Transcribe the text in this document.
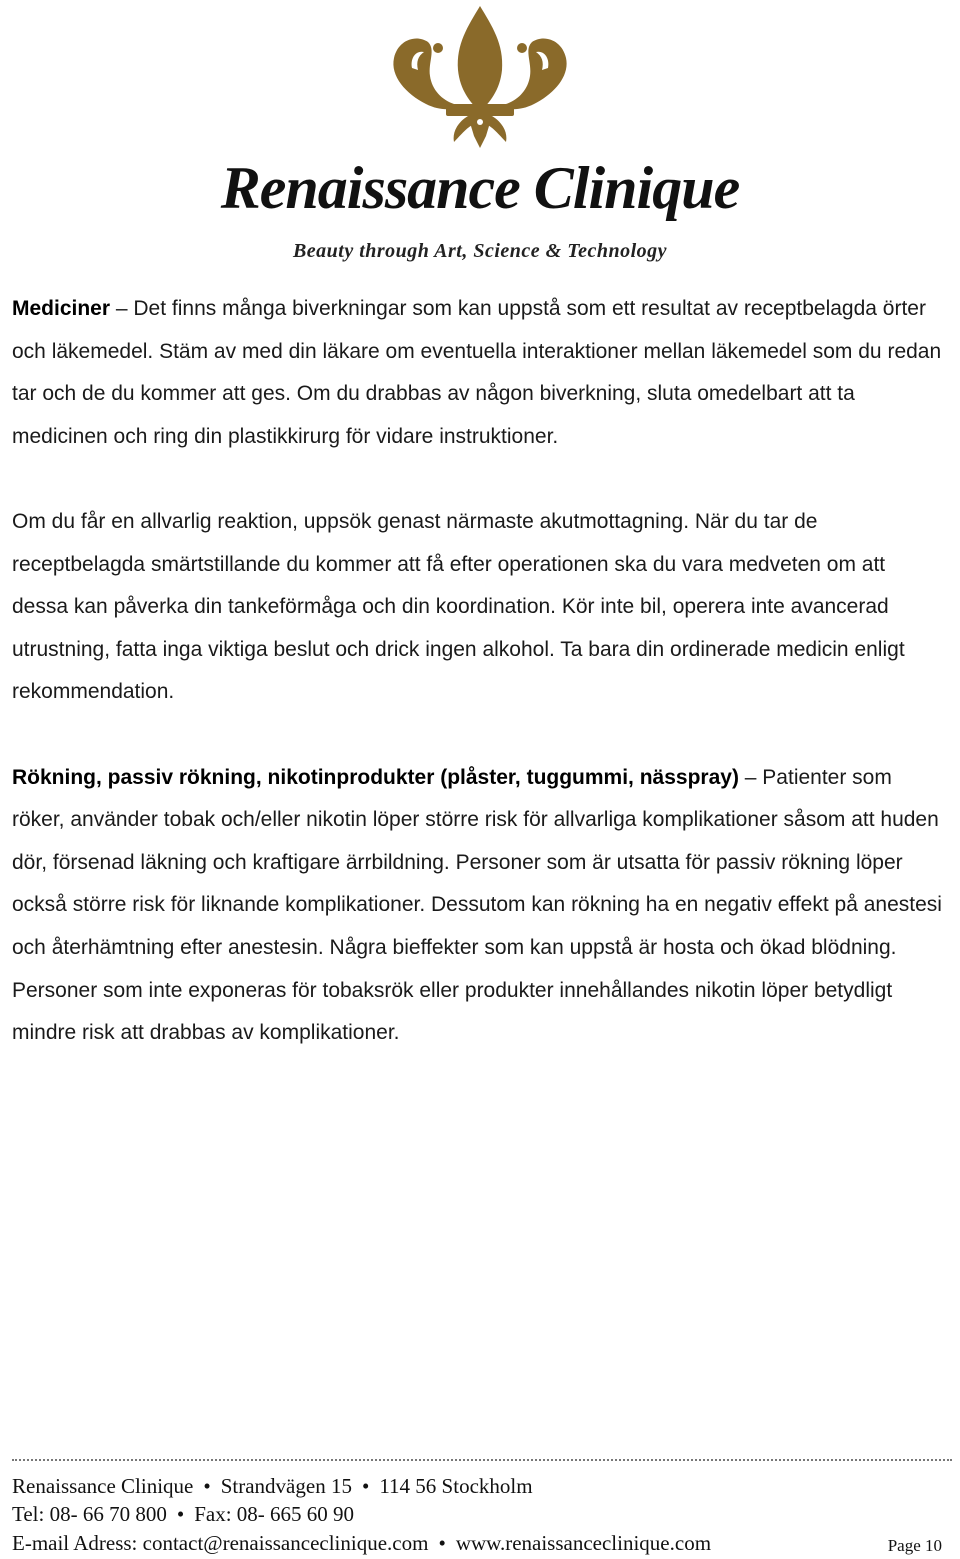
Renaissance Clinique
Beauty through Art, Science & Technology

Mediciner – Det finns många biverkningar som kan uppstå som ett resultat av receptbelagda örter och läkemedel. Stäm av med din läkare om eventuella interaktioner mellan läkemedel som du redan tar och de du kommer att ges. Om du drabbas av någon biverkning, sluta omedelbart att ta medicinen och ring din plastikkirurg för vidare instruktioner.

Om du får en allvarlig reaktion, uppsök genast närmaste akutmottagning. När du tar de receptbelagda smärtstillande du kommer att få efter operationen ska du vara medveten om att dessa kan påverka din tankeförmåga och din koordination. Kör inte bil, operera inte avancerad utrustning, fatta inga viktiga beslut och drick ingen alkohol. Ta bara din ordinerade medicin enligt rekommendation.

Rökning, passiv rökning, nikotinprodukter (plåster, tuggummi, nässpray) – Patienter som röker, använder tobak och/eller nikotin löper större risk för allvarliga komplikationer såsom att huden dör, försenad läkning och kraftigare ärrbildning. Personer som är utsatta för passiv rökning löper också större risk för liknande komplikationer. Dessutom kan rökning ha en negativ effekt på anestesi och återhämtning efter anestesin. Några bieffekter som kan uppstå är hosta och ökad blödning. Personer som inte exponeras för tobaksrök eller produkter innehållandes nikotin löper betydligt mindre risk att drabbas av komplikationer.

Renaissance Clinique • Strandvägen 15 • 114 56 Stockholm
Tel: 08- 66 70 800 • Fax: 08- 665 60 90
E-mail Adress: contact@renaissanceclinique.com • www.renaissanceclinique.com	Page 10
